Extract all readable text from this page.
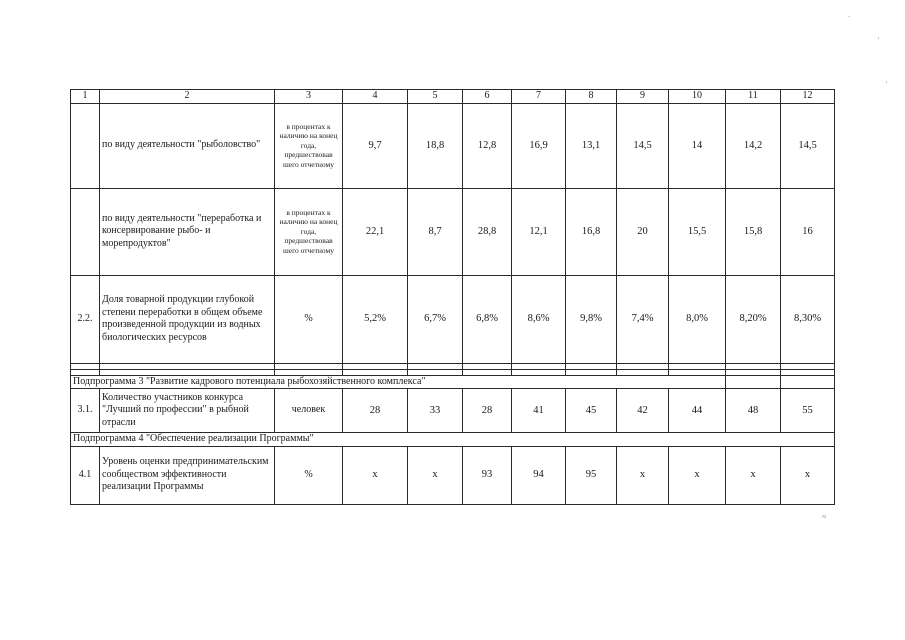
1	2	3	4	5	6	7	8	9	10	11	12
	по виду деятельности "рыболовство"	в процентах к наличию на конец года, предшествовав шего отчетному	9,7	18,8	12,8	16,9	13,1	14,5	14	14,2	14,5
	по виду деятельности "переработка и консервирование рыбо- и морепродуктов"	в процентах к наличию на конец года, предшествовав шего отчетному	22,1	8,7	28,8	12,1	16,8	20	15,5	15,8	16
2.2.	Доля товарной продукции глубокой степени переработки в общем объеме произведенной продукции из водных биологических ресурсов	%	5,2%	6,7%	6,8%	8,6%	9,8%	7,4%	8,0%	8,20%	8,30%

Подпрограмма 3 "Развитие кадрового потенциала рыбохозяйственного комплекса"											
3.1.	Количество участников конкурса "Лучший по профессии" в рыбной отрасли	человек	28	33	28	41	45	42	44	48	55
Подпрограмма 4 "Обеспечение реализации Программы"											
4.1	Уровень оценки предпринимательским сообществом эффективности реализации Программы	%	х	х	93	94	95	х	х	х	х
.
'
'
≈
